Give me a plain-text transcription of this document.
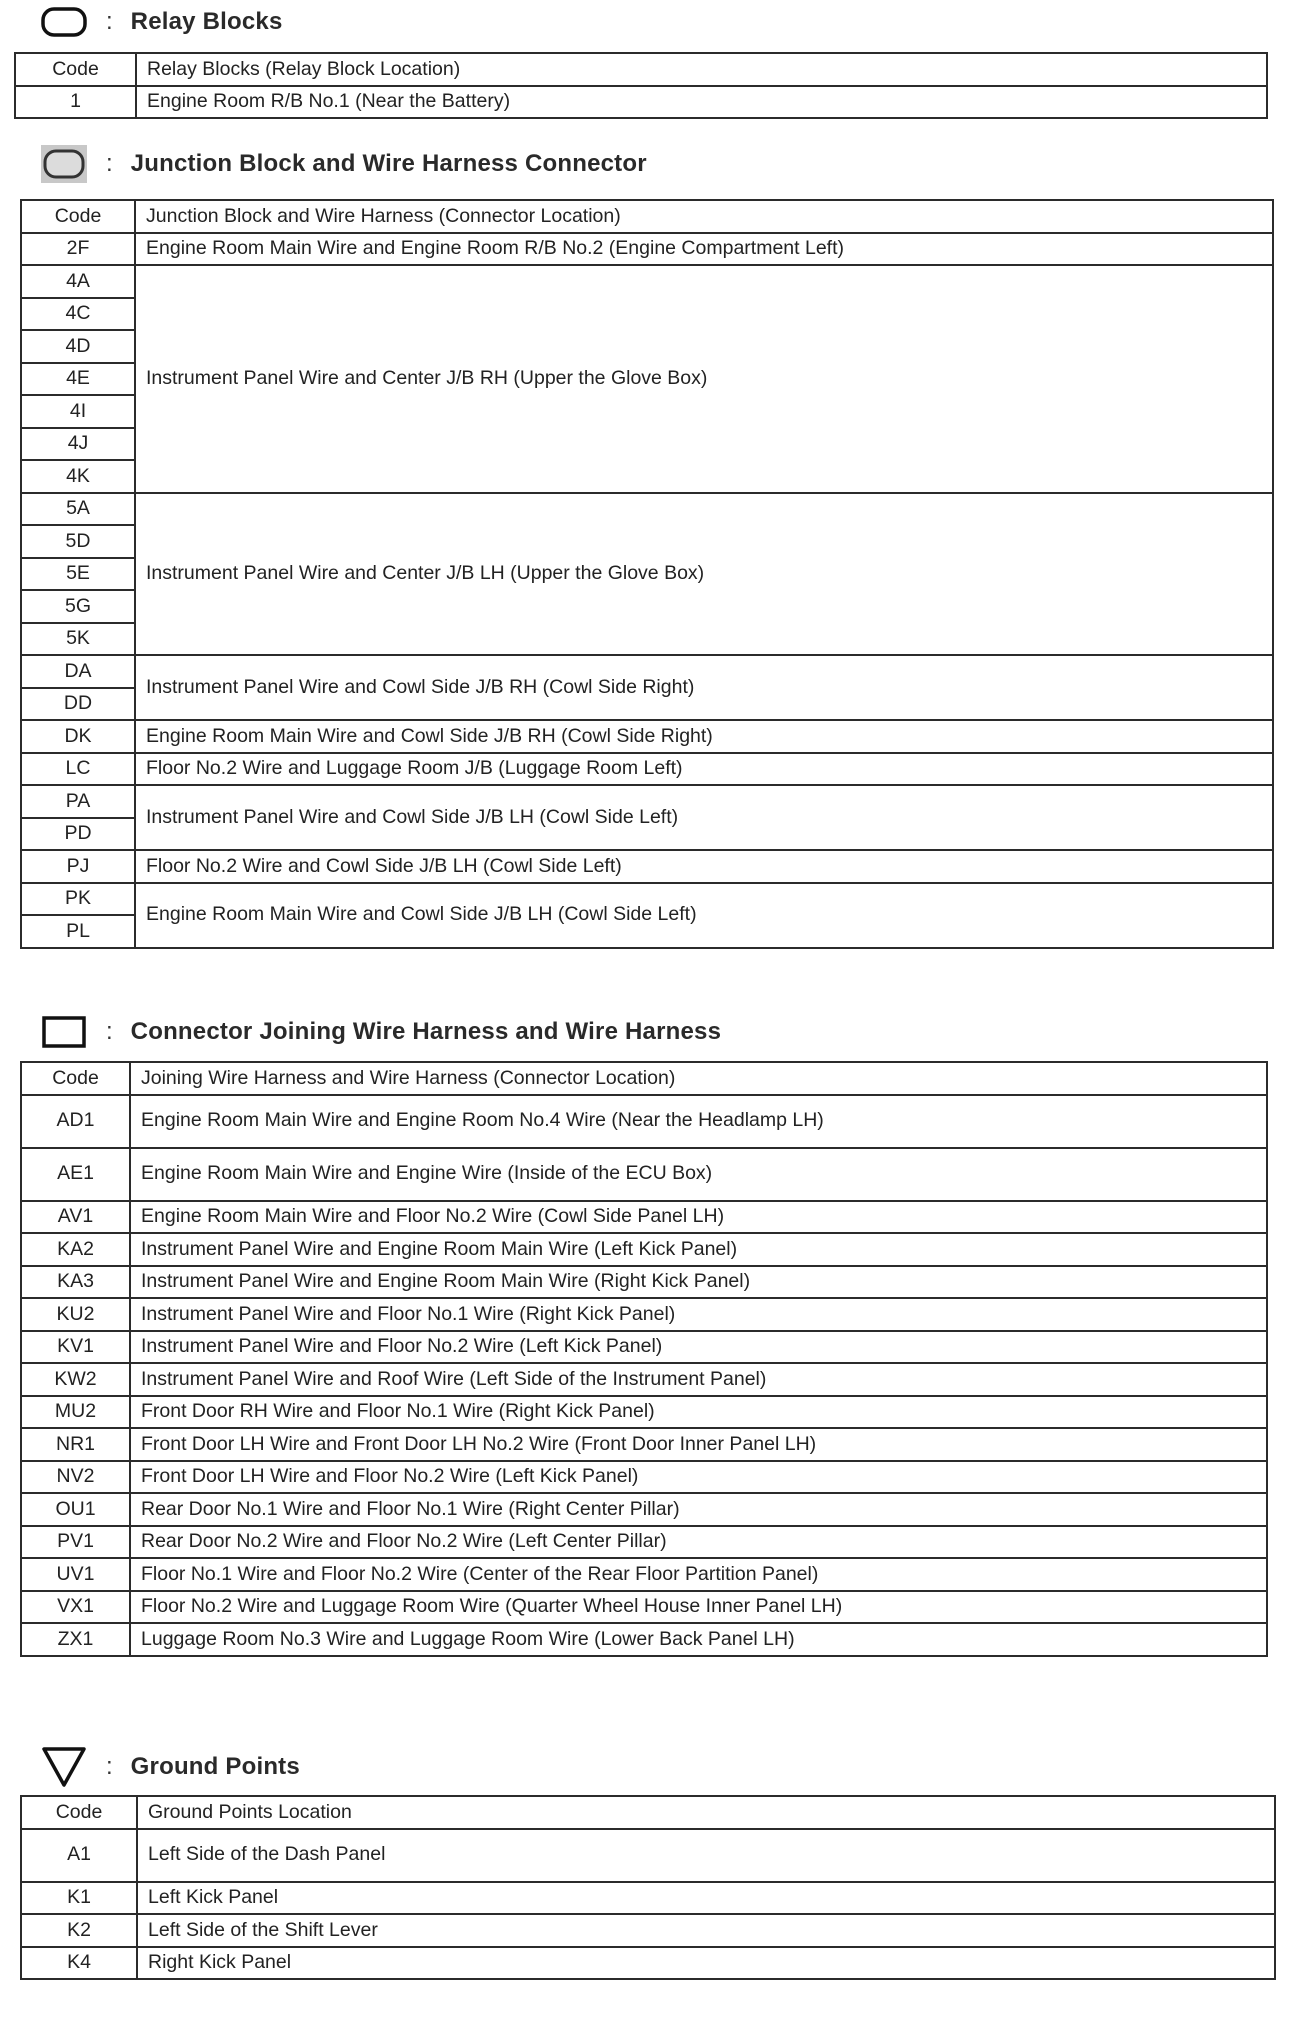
: Relay Blocks
Code	Relay Blocks (Relay Block Location)
1	Engine Room R/B No.1 (Near the Battery)
: Junction Block and Wire Harness Connector
Code	Junction Block and Wire Harness (Connector Location)
2F	Engine Room Main Wire and Engine Room R/B No.2 (Engine Compartment Left)
4A	Instrument Panel Wire and Center J/B RH (Upper the Glove Box)
4C	
4D	
4E	
4I	
4J	
4K	
5A	Instrument Panel Wire and Center J/B LH (Upper the Glove Box)
5D	
5E	
5G	
5K	
DA	Instrument Panel Wire and Cowl Side J/B RH (Cowl Side Right)
DD	
DK	Engine Room Main Wire and Cowl Side J/B RH (Cowl Side Right)
LC	Floor No.2 Wire and Luggage Room J/B (Luggage Room Left)
PA	Instrument Panel Wire and Cowl Side J/B LH (Cowl Side Left)
PD	
PJ	Floor No.2 Wire and Cowl Side J/B LH (Cowl Side Left)
PK	Engine Room Main Wire and Cowl Side J/B LH (Cowl Side Left)
PL	
: Connector Joining Wire Harness and Wire Harness
Code	Joining Wire Harness and Wire Harness (Connector Location)
AD1	Engine Room Main Wire and Engine Room No.4 Wire (Near the Headlamp LH)
AE1	Engine Room Main Wire and Engine Wire (Inside of the ECU Box)
AV1	Engine Room Main Wire and Floor No.2 Wire (Cowl Side Panel LH)
KA2	Instrument Panel Wire and Engine Room Main Wire (Left Kick Panel)
KA3	Instrument Panel Wire and Engine Room Main Wire (Right Kick Panel)
KU2	Instrument Panel Wire and Floor No.1 Wire (Right Kick Panel)
KV1	Instrument Panel Wire and Floor No.2 Wire (Left Kick Panel)
KW2	Instrument Panel Wire and Roof Wire (Left Side of the Instrument Panel)
MU2	Front Door RH Wire and Floor No.1 Wire (Right Kick Panel)
NR1	Front Door LH Wire and Front Door LH No.2 Wire (Front Door Inner Panel LH)
NV2	Front Door LH Wire and Floor No.2 Wire (Left Kick Panel)
OU1	Rear Door No.1 Wire and Floor No.1 Wire (Right Center Pillar)
PV1	Rear Door No.2 Wire and Floor No.2 Wire (Left Center Pillar)
UV1	Floor No.1 Wire and Floor No.2 Wire (Center of the Rear Floor Partition Panel)
VX1	Floor No.2 Wire and Luggage Room Wire (Quarter Wheel House Inner Panel LH)
ZX1	Luggage Room No.3 Wire and Luggage Room Wire (Lower Back Panel LH)
: Ground Points
Code	Ground Points Location
A1	Left Side of the Dash Panel
K1	Left Kick Panel
K2	Left Side of the Shift Lever
K4	Right Kick Panel
